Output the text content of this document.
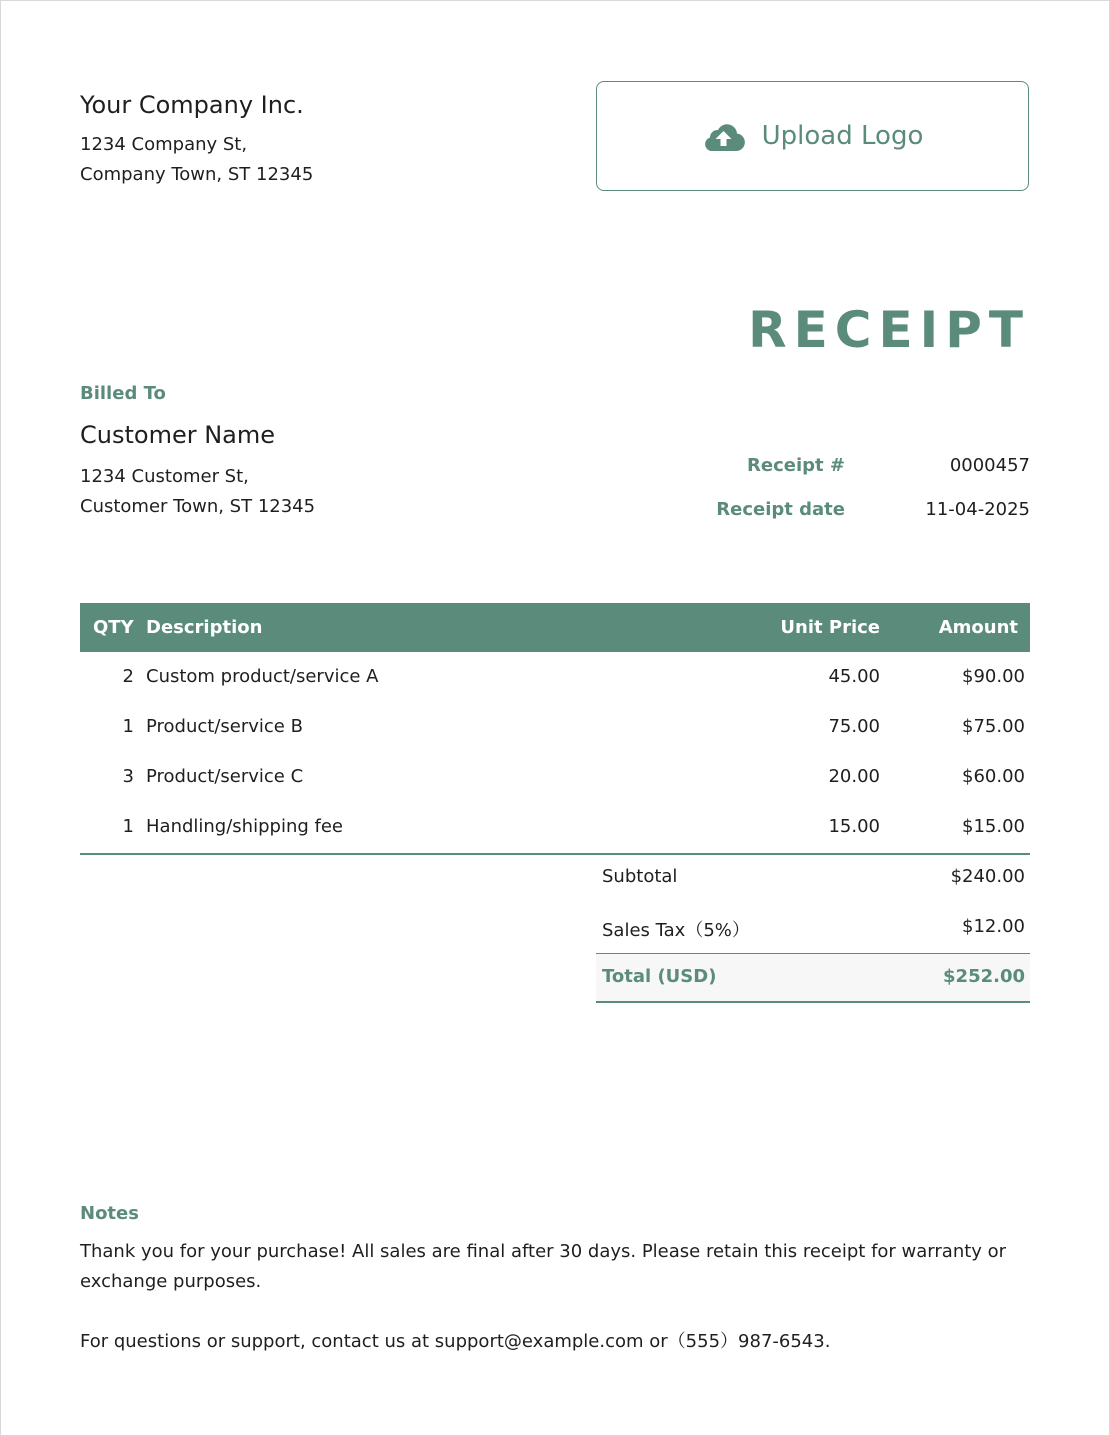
Your Company Inc.
1234 Company St,
Company Town, ST 12345
Upload Logo
RECEIPT
Billed To
Customer Name
1234 Customer St,
Customer Town, ST 12345
Receipt #	0000457
Receipt date	11-04-2025
QTY Description	Unit Price	Amount
2 Custom product/service A	45.00	$90.00
1 Product/service B	75.00	$75.00
3 Product/service C	20.00	$60.00
1 Handling/shipping fee	15.00	$15.00
Subtotal	$240.00
Sales Tax（5%）	$12.00
Total (USD)	$252.00
Notes
Thank you for your purchase! All sales are final after 30 days. Please retain this receipt for warranty or exchange purposes.
For questions or support, contact us at support@example.com or（555）987-6543.
